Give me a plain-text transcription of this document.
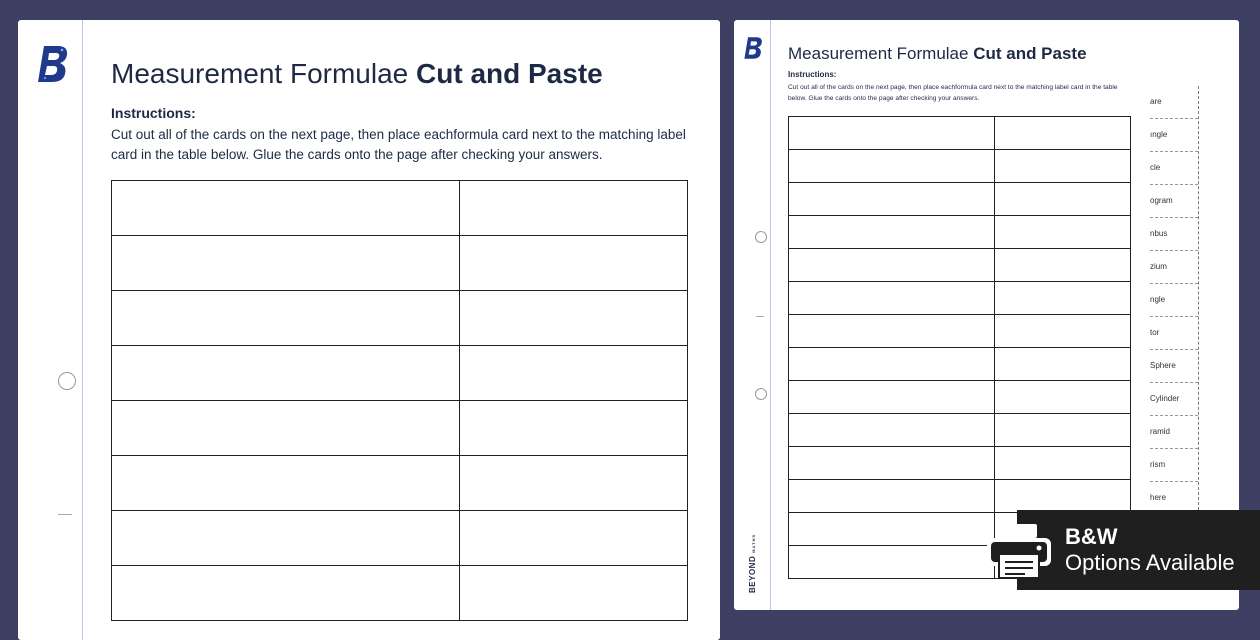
Measurement Formulae Cut and Paste
Instructions:

Cut out all of the cards on the next page, then place eachformula card next to the matching label card in the table below. Glue the cards onto the page after checking your answers.

Measurement Formulae Cut and Paste
Instructions:

Cut out all of the cards on the next page, then place eachformula card next to the matching label card in the table below. Glue the cards onto the page after checking your answers.

		are
ıngle
cle
ogram
nbus
zium
ngle
tor
Sphere
Cylinder
ramid
rism
here
BEYONDMATHS	B&W
Options Available
